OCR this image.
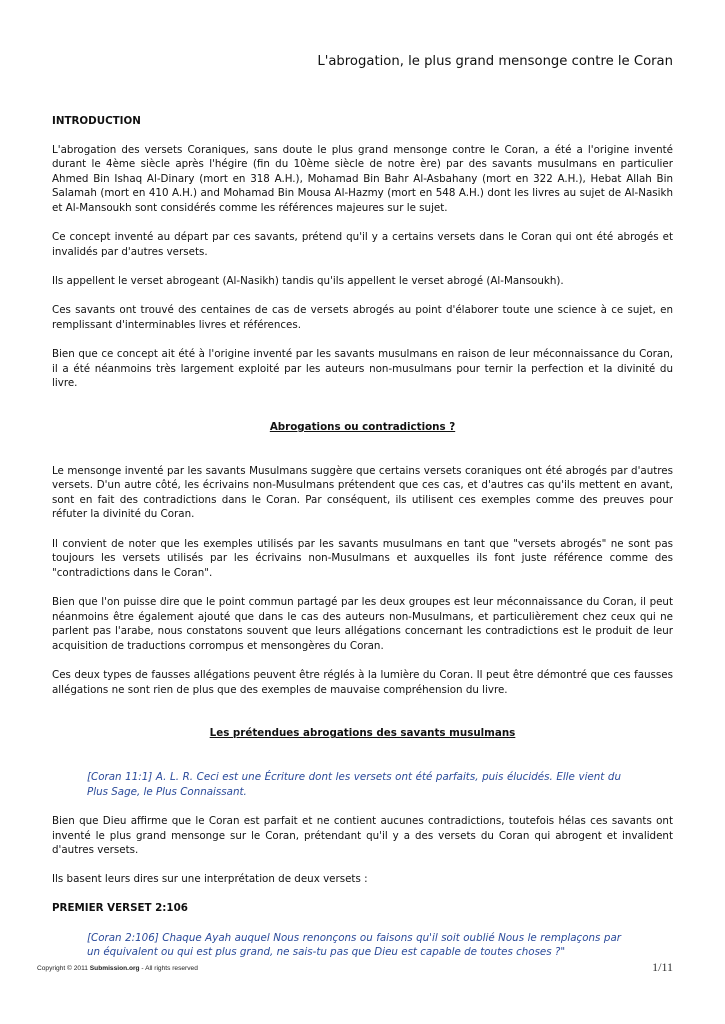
L'abrogation, le plus grand mensonge contre le Coran

INTRODUCTION

L'abrogation des versets Coraniques, sans doute le plus grand mensonge contre le Coran, a été a l'origine inventé durant le 4ème siècle après l'hégire (fin du 10ème siècle de notre ère) par des savants musulmans en particulier Ahmed Bin Ishaq Al-Dinary (mort en 318 A.H.), Mohamad Bin Bahr Al-Asbahany (mort en 322 A.H.), Hebat Allah Bin Salamah (mort en 410 A.H.) and Mohamad Bin Mousa Al-Hazmy (mort en 548 A.H.) dont les livres au sujet de Al-Nasikh et Al-Mansoukh sont considérés comme les références majeures sur le sujet.

Ce concept inventé au départ par ces savants, prétend qu'il y a certains versets dans le Coran qui ont été abrogés et invalidés par d'autres versets.

Ils appellent le verset abrogeant (Al-Nasikh) tandis qu'ils appellent le verset abrogé (Al-Mansoukh).

Ces savants ont trouvé des centaines de cas de versets abrogés au point d'élaborer toute une science à ce sujet, en remplissant d'interminables livres et références.

Bien que ce concept ait été à l'origine inventé par les savants musulmans en raison de leur méconnaissance du Coran, il a été néanmoins très largement exploité par les auteurs non-musulmans pour ternir la perfection et la divinité du livre.

Abrogations ou contradictions ?

Le mensonge inventé par les savants Musulmans suggère que certains versets coraniques ont été abrogés par d'autres versets. D'un autre côté, les écrivains non-Musulmans prétendent que ces cas, et d'autres cas qu'ils mettent en avant, sont en fait des contradictions dans le Coran. Par conséquent, ils utilisent ces exemples comme des preuves pour réfuter la divinité du Coran.

Il convient de noter que les exemples utilisés par les savants musulmans en tant que "versets abrogés" ne sont pas toujours les versets utilisés par les écrivains non-Musulmans et auxquelles ils font juste référence comme des "contradictions dans le Coran".

Bien que l'on puisse dire que le point commun partagé par les deux groupes est leur méconnaissance du Coran, il peut néanmoins être également ajouté que dans le cas des auteurs non-Musulmans, et particulièrement chez ceux qui ne parlent pas l'arabe, nous constatons souvent que leurs allégations concernant les contradictions est le produit de leur acquisition de traductions corrompus et mensongères du Coran.

Ces deux types de fausses allégations peuvent être réglés à la lumière du Coran. Il peut être démontré que ces fausses allégations ne sont rien de plus que des exemples de mauvaise compréhension du livre.

Les prétendues abrogations des savants musulmans

[Coran 11:1] A. L. R. Ceci est une Écriture dont les versets ont été parfaits, puis élucidés. Elle vient du Plus Sage, le Plus Connaissant.

Bien que Dieu affirme que le Coran est parfait et ne contient aucunes contradictions, toutefois hélas ces savants ont inventé le plus grand mensonge sur le Coran, prétendant qu'il y a des versets du Coran qui abrogent et invalident d'autres versets.

Ils basent leurs dires sur une interprétation de deux versets :

PREMIER VERSET 2:106

[Coran 2:106] Chaque Ayah auquel Nous renonçons ou faisons qu'il soit oublié Nous le remplaçons par un équivalent ou qui est plus grand, ne sais-tu pas que Dieu est capable de toutes choses ?"

Copyright © 2011 Submission.org - All rights reserved	1/11
